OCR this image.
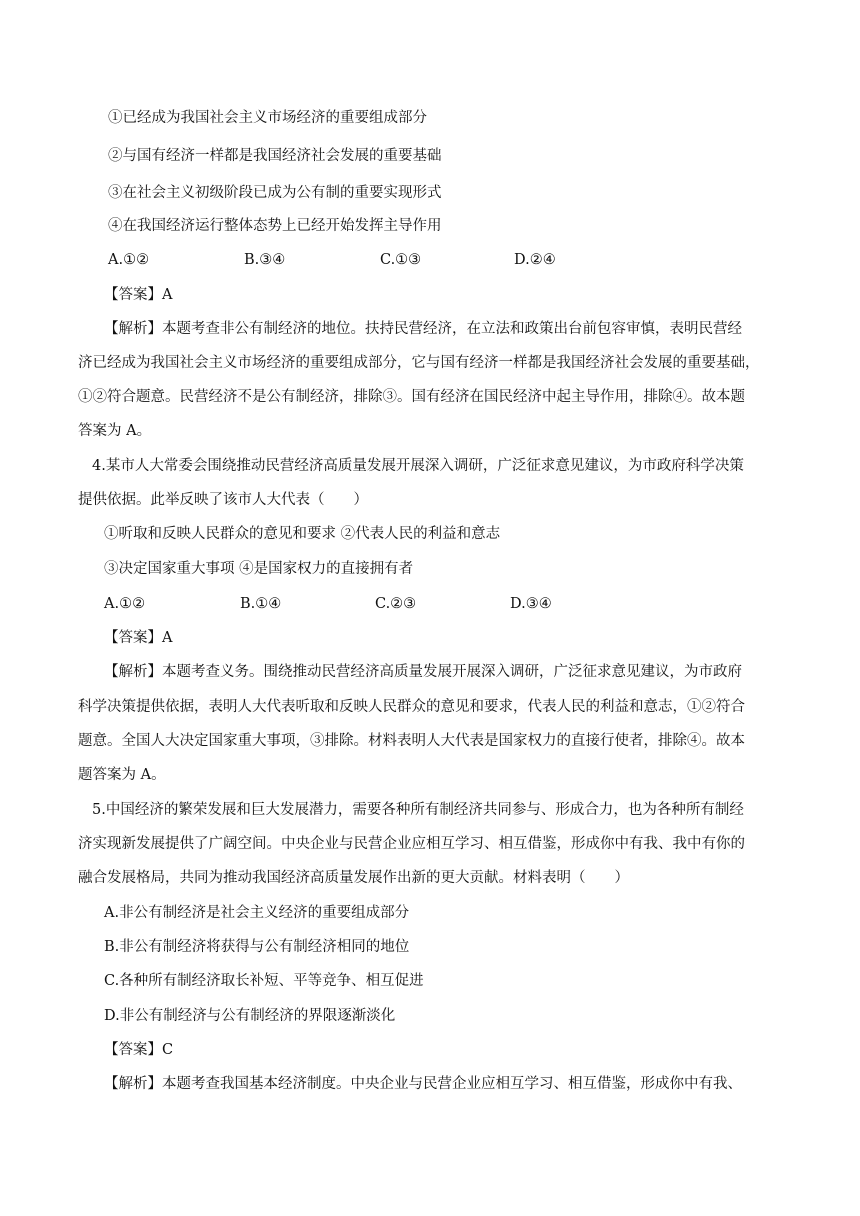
①已经成为我国社会主义市场经济的重要组成部分
②与国有经济一样都是我国经济社会发展的重要基础
③在社会主义初级阶段已成为公有制的重要实现形式
④在我国经济运行整体态势上已经开始发挥主导作用
A.①②	B.③④	C.①③	D.②④
【答案】A
【解析】本题考查非公有制经济的地位。扶持民营经济，在立法和政策出台前包容审慎，表明民营经
济已经成为我国社会主义市场经济的重要组成部分，它与国有经济一样都是我国经济社会发展的重要基础，
①②符合题意。民营经济不是公有制经济，排除③。国有经济在国民经济中起主导作用，排除④。故本题
答案为 A。
4.某市人大常委会围绕推动民营经济高质量发展开展深入调研，广泛征求意见建议，为市政府科学决策
提供依据。此举反映了该市人大代表（　　）
①听取和反映人民群众的意见和要求 ②代表人民的利益和意志
③决定国家重大事项 ④是国家权力的直接拥有者
A.①②	B.①④	C.②③	D.③④
【答案】A
【解析】本题考查义务。围绕推动民营经济高质量发展开展深入调研，广泛征求意见建议，为市政府
科学决策提供依据，表明人大代表听取和反映人民群众的意见和要求，代表人民的利益和意志，①②符合
题意。全国人大决定国家重大事项，③排除。材料表明人大代表是国家权力的直接行使者，排除④。故本
题答案为 A。
5.中国经济的繁荣发展和巨大发展潜力，需要各种所有制经济共同参与、形成合力，也为各种所有制经
济实现新发展提供了广阔空间。中央企业与民营企业应相互学习、相互借鉴，形成你中有我、我中有你的
融合发展格局，共同为推动我国经济高质量发展作出新的更大贡献。材料表明（　　）
A.非公有制经济是社会主义经济的重要组成部分
B.非公有制经济将获得与公有制经济相同的地位
C.各种所有制经济取长补短、平等竞争、相互促进
D.非公有制经济与公有制经济的界限逐渐淡化
【答案】C
【解析】本题考查我国基本经济制度。中央企业与民营企业应相互学习、相互借鉴，形成你中有我、
